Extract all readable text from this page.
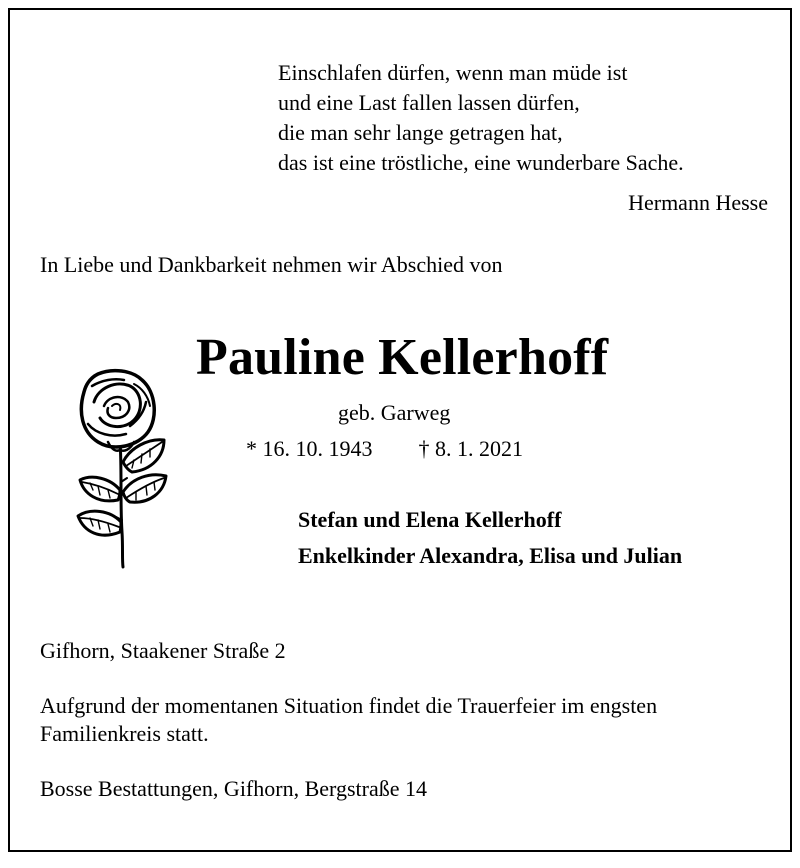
Einschlafen dürfen, wenn man müde ist
und eine Last fallen lassen dürfen,
die man sehr lange getragen hat,
das ist eine tröstliche, eine wunderbare Sache.
Hermann Hesse
In Liebe und Dankbarkeit nehmen wir Abschied von
Pauline Kellerhoff
geb. Garweg
* 16. 10. 1943 † 8. 1. 2021
Stefan und Elena Kellerhoff
Enkelkinder Alexandra, Elisa und Julian
Gifhorn, Staakener Straße 2
Aufgrund der momentanen Situation findet die Trauerfeier im engsten
Familienkreis statt.
Bosse Bestattungen, Gifhorn, Bergstraße 14
